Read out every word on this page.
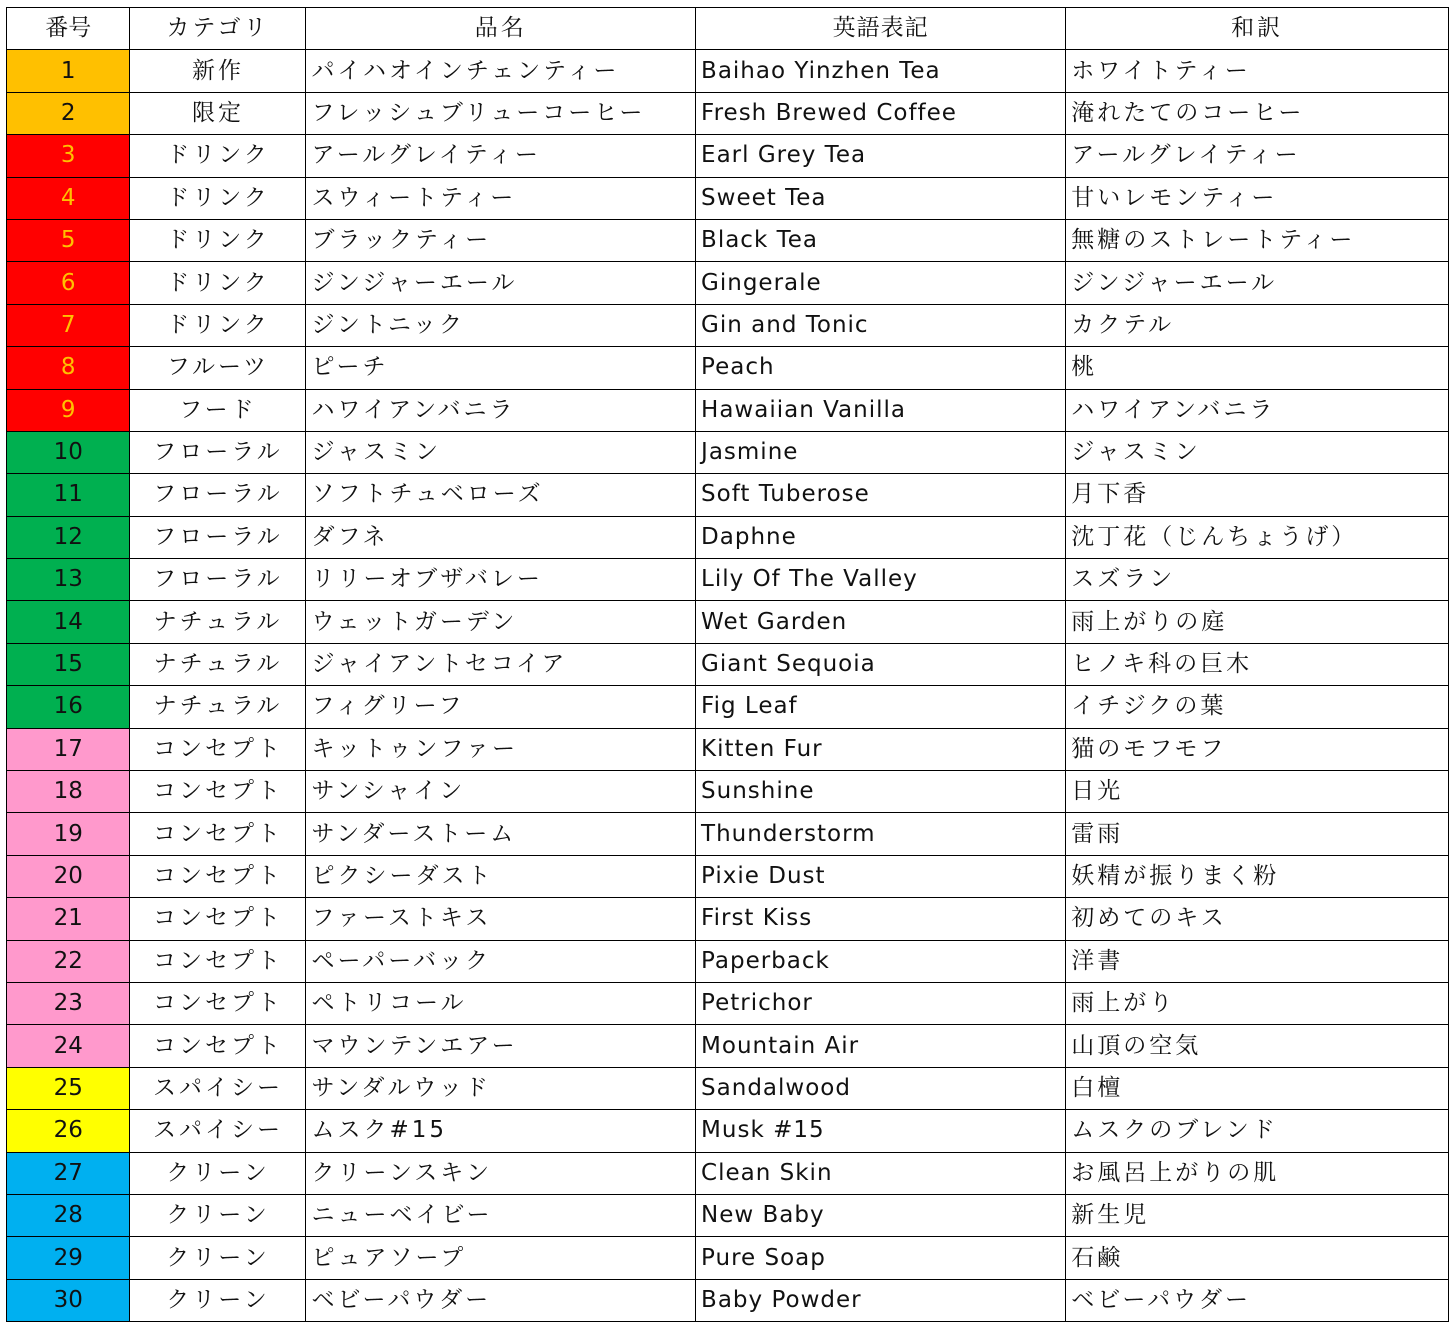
番号	カテゴリ	品名	英語表記	和訳
1	新作	パイハオインチェンティー	Baihao Yinzhen Tea	ホワイトティー
2	限定	フレッシュブリューコーヒー	Fresh Brewed Coffee	淹れたてのコーヒー
3	ドリンク	アールグレイティー	Earl Grey Tea	アールグレイティー
4	ドリンク	スウィートティー	Sweet Tea	甘いレモンティー
5	ドリンク	ブラックティー	Black Tea	無糖のストレートティー
6	ドリンク	ジンジャーエール	Gingerale	ジンジャーエール
7	ドリンク	ジントニック	Gin and Tonic	カクテル
8	フルーツ	ピーチ	Peach	桃
9	フード	ハワイアンバニラ	Hawaiian Vanilla	ハワイアンバニラ
10	フローラル	ジャスミン	Jasmine	ジャスミン
11	フローラル	ソフトチュベローズ	Soft Tuberose	月下香
12	フローラル	ダフネ	Daphne	沈丁花（じんちょうげ）
13	フローラル	リリーオブザバレー	Lily Of The Valley	スズラン
14	ナチュラル	ウェットガーデン	Wet Garden	雨上がりの庭
15	ナチュラル	ジャイアントセコイア	Giant Sequoia	ヒノキ科の巨木
16	ナチュラル	フィグリーフ	Fig Leaf	イチジクの葉
17	コンセプト	キットゥンファー	Kitten Fur	猫のモフモフ
18	コンセプト	サンシャイン	Sunshine	日光
19	コンセプト	サンダーストーム	Thunderstorm	雷雨
20	コンセプト	ピクシーダスト	Pixie Dust	妖精が振りまく粉
21	コンセプト	ファーストキス	First Kiss	初めてのキス
22	コンセプト	ペーパーバック	Paperback	洋書
23	コンセプト	ペトリコール	Petrichor	雨上がり
24	コンセプト	マウンテンエアー	Mountain Air	山頂の空気
25	スパイシー	サンダルウッド	Sandalwood	白檀
26	スパイシー	ムスク#15	Musk #15	ムスクのブレンド
27	クリーン	クリーンスキン	Clean Skin	お風呂上がりの肌
28	クリーン	ニューベイビー	New Baby	新生児
29	クリーン	ピュアソープ	Pure Soap	石鹸
30	クリーン	ベビーパウダー	Baby Powder	ベビーパウダー
